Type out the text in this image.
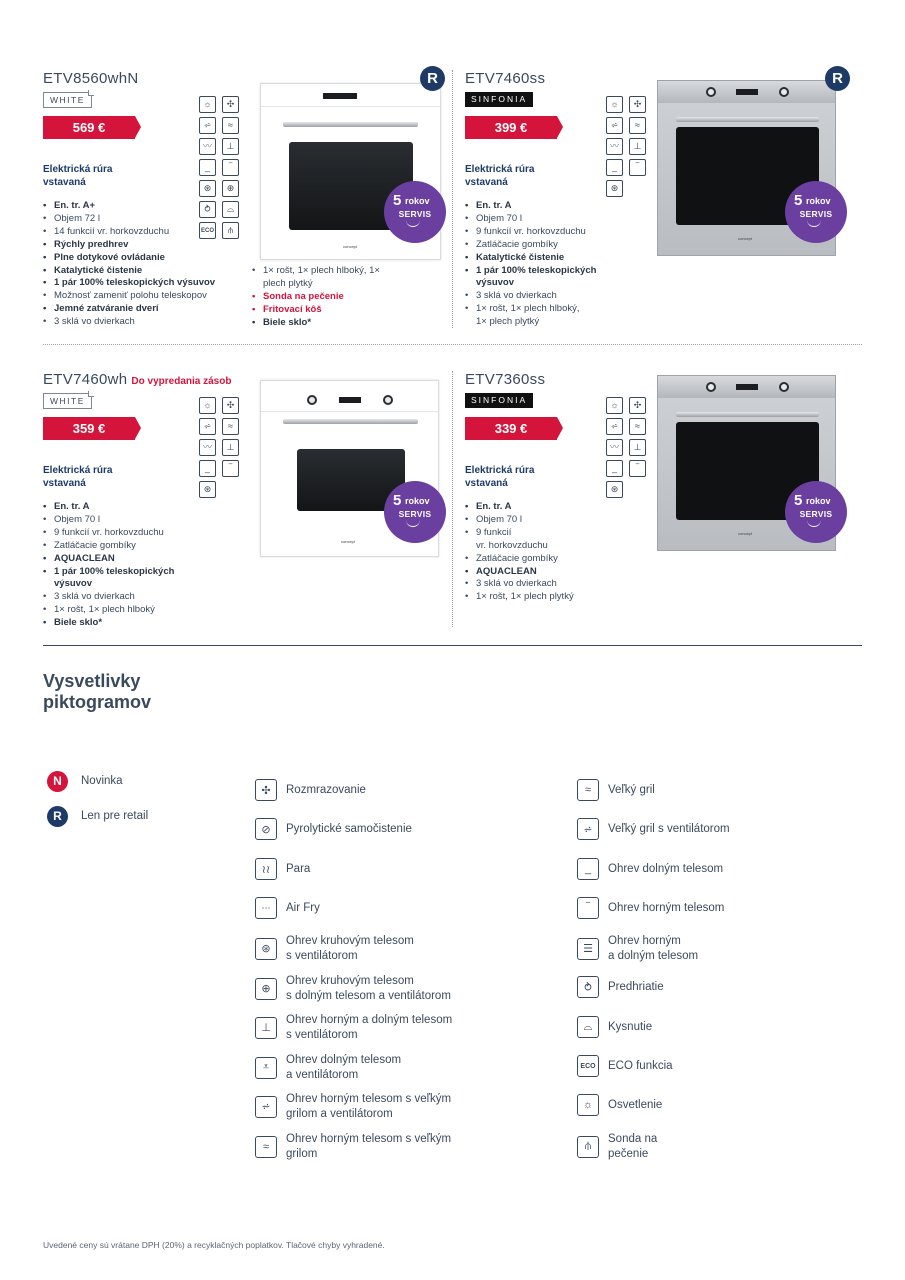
ETV8560whN
WHITE
569 €
Elektrická rúra vstavaná
• En. tr. A+
• Objem 72 l
• 14 funkcií vr. horkovzduchu
• Rýchly predhrev
• Plne dotykové ovládanie
• Katalytické čistenie
• 1 pár 100% teleskopických výsuvov
• Možnosť zameniť polohu teleskopov
• Jemné zatváranie dverí
• 3 sklá vo dvierkach
☼	✣
⩫	≈
〰	⊥
_	‾
⊛	⊕
⥁	⌓
ECO	⫛
• 1× rošt, 1× plech hlboký, 1×
plech plytký
• Sonda na pečenie
• Fritovací kôš
• Biele sklo*
concept
R
5 rokov
SERVIS
ETV7460ss
SINFONIA
399 €
Elektrická rúra vstavaná
• En. tr. A
• Objem 70 l
• 9 funkcií vr. horkovzduchu
• Zatláčacie gombíky
• Katalytické čistenie
• 1 pár 100% teleskopických
výsuvov
• 3 sklá vo dvierkach
• 1× rošt, 1× plech hlboký,
1× plech plytký
☼	✣
⩫	≈
〰	⊥
_	‾
⊛
concept
R
5 rokov
SERVIS
ETV7460wh Do vypredania zásob
WHITE
359 €
Elektrická rúra vstavaná
• En. tr. A
• Objem 70 l
• 9 funkcií vr. horkovzduchu
• Zatláčacie gombíky
• AQUACLEAN
• 1 pár 100% teleskopických
výsuvov
• 3 sklá vo dvierkach
• 1× rošt, 1× plech hlboký
• Biele sklo*
☼	✣
⩫	≈
〰	⊥
_	‾
⊛
concept
5 rokov
SERVIS
ETV7360ss
SINFONIA
339 €
Elektrická rúra vstavaná
• En. tr. A
• Objem 70 l
• 9 funkcií
vr. horkovzduchu
• Zatláčacie gombíky
• AQUACLEAN
• 3 sklá vo dvierkach
• 1× rošt, 1× plech plytký
☼	✣
⩫	≈
〰	⊥
_	‾
⊛
concept
5 rokov
SERVIS
Vysvetlivky
piktogramov
N	Novinka
R	Len pre retail
✣	Rozmrazovanie
⊘	Pyrolytické samočistenie
≀≀	Para
⋯	Air Fry
⊛
Ohrev kruhovým telesom
s ventilátorom
⊕
Ohrev kruhovým telesom
s dolným telesom a ventilátorom
⊥
Ohrev horným a dolným telesom
s ventilátorom
⩡
Ohrev dolným telesom
a ventilátorom
⩫
Ohrev horným telesom s veľkým
grilom a ventilátorom
≈
Ohrev horným telesom s veľkým
grilom
≈	Veľký gril
⩫	Veľký gril s ventilátorom
_	Ohrev dolným telesom
‾	Ohrev horným telesom
☰
Ohrev horným
a dolným telesom
⥁	Predhriatie
⌓	Kysnutie
ECO ECO funkcia
☼	Osvetlenie
⫛
Sonda na
pečenie
Uvedené ceny sú vrátane DPH (20%) a recyklačných poplatkov. Tlačové chyby vyhradené.
